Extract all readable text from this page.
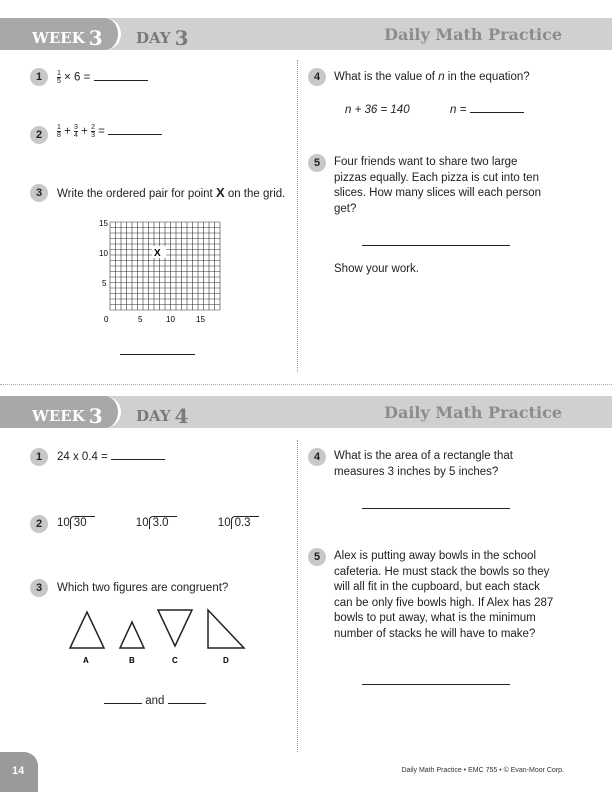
WEEK 3 DAY 3	Daily Math Practice
1	$\frac{1}{5} \times 6$ =
2	$\frac{1}{8} + \frac{3}{4} + \frac{2}{3}$ =
3	Write the ordered pair for point X on the grid.
15
10
5
0	5	10	15
X
4	What is the value of n in the equation?
n + 36 = 140	n =
5	Four friends want to share two large pizzas equally. Each pizza is cut into ten slices. How many slices will each person get?
Show your work.
WEEK 3 DAY 4	Daily Math Practice
1	24 x 0.4 =
2	10 30	10 3.0	10 0.3
3	Which two figures are congruent?
A	B	C	D
and
4	What is the area of a rectangle that measures 3 inches by 5 inches?
5	Alex is putting away bowls in the school cafeteria. He must stack the bowls so they will all fit in the cupboard, but each stack can be only five bowls high. If Alex has 287 bowls to put away, what is the minimum number of stacks he will have to make?
14	Daily Math Practice • EMC 755 • © Evan-Moor Corp.
